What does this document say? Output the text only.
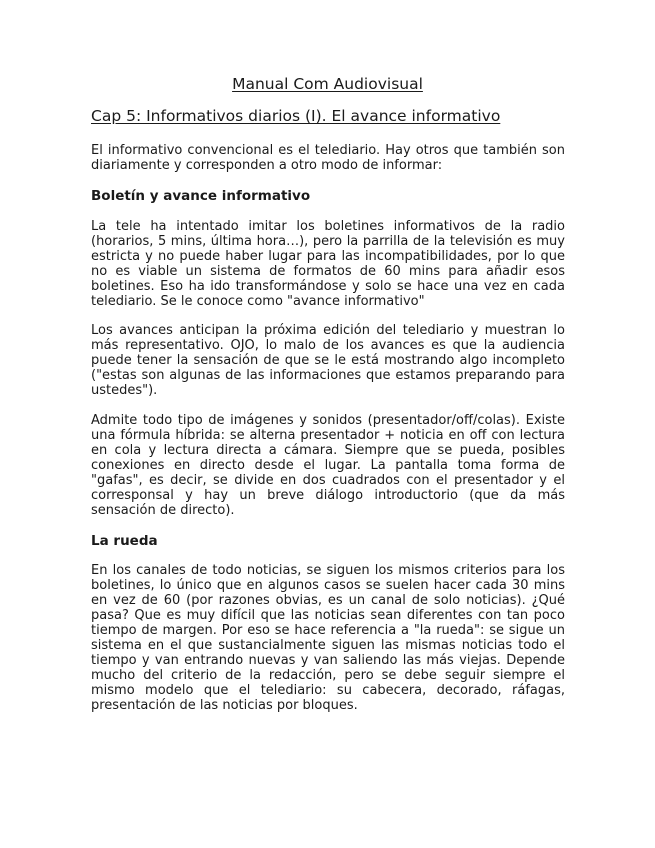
Manual Com Audiovisual
Cap 5: Informativos diarios (I). El avance informativo

El informativo convencional es el telediario. Hay otros que también son diariamente y corresponden a otro modo de informar:

Boletín y avance informativo

La tele ha intentado imitar los boletines informativos de la radio (horarios, 5 mins, última hora…), pero la parrilla de la televisión es muy estricta y no puede haber lugar para las incompatibilidades, por lo que no es viable un sistema de formatos de 60 mins para añadir esos boletines. Eso ha ido transformándose y solo se hace una vez en cada telediario. Se le conoce como "avance informativo"

Los avances anticipan la próxima edición del telediario y muestran lo más representativo. OJO, lo malo de los avances es que la audiencia puede tener la sensación de que se le está mostrando algo incompleto ("estas son algunas de las informaciones que estamos preparando para ustedes").

Admite todo tipo de imágenes y sonidos (presentador/off/colas). Existe una fórmula híbrida: se alterna presentador + noticia en off con lectura en cola y lectura directa a cámara. Siempre que se pueda, posibles conexiones en directo desde el lugar. La pantalla toma forma de "gafas", es decir, se divide en dos cuadrados con el presentador y el corresponsal y hay un breve diálogo introductorio (que da más sensación de directo).

La rueda

En los canales de todo noticias, se siguen los mismos criterios para los boletines, lo único que en algunos casos se suelen hacer cada 30 mins en vez de 60 (por razones obvias, es un canal de solo noticias). ¿Qué pasa? Que es muy difícil que las noticias sean diferentes con tan poco tiempo de margen. Por eso se hace referencia a "la rueda": se sigue un sistema en el que sustancialmente siguen las mismas noticias todo el tiempo y van entrando nuevas y van saliendo las más viejas. Depende mucho del criterio de la redacción, pero se debe seguir siempre el mismo modelo que el telediario: su cabecera, decorado, ráfagas, presentación de las noticias por bloques.
